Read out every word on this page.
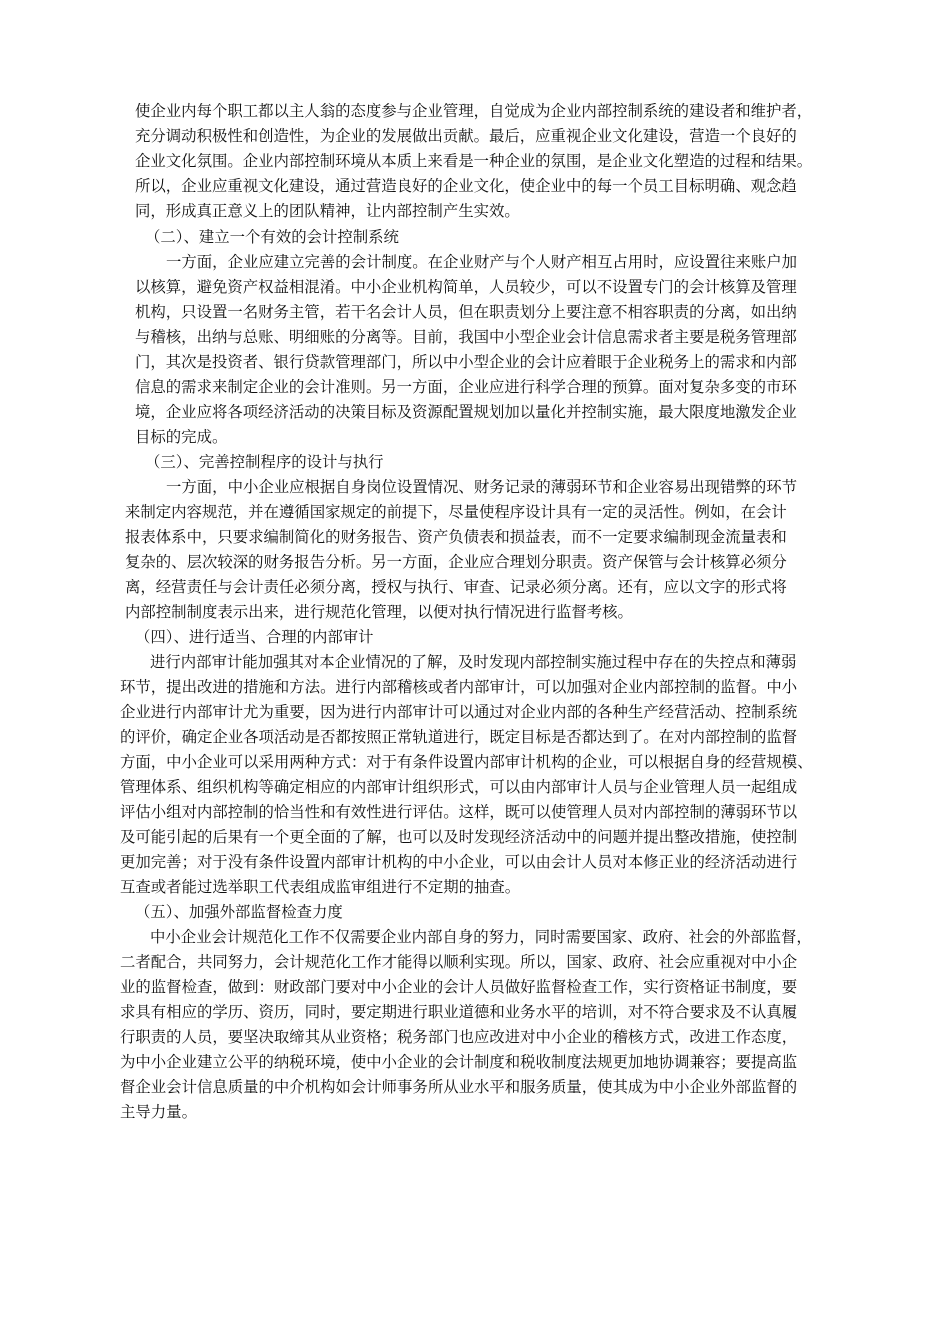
使企业内每个职工都以主人翁的态度参与企业管理，自觉成为企业内部控制系统的建设者和维护者，
充分调动积极性和创造性，为企业的发展做出贡献。最后，应重视企业文化建设，营造一个良好的
企业文化氛围。企业内部控制环境从本质上来看是一种企业的氛围，是企业文化塑造的过程和结果。
所以，企业应重视文化建设，通过营造良好的企业文化，使企业中的每一个员工目标明确、观念趋
同，形成真正意义上的团队精神，让内部控制产生实效。
（二）、建立一个有效的会计控制系统
一方面，企业应建立完善的会计制度。在企业财产与个人财产相互占用时，应设置往来账户加
以核算，避免资产权益相混淆。中小企业机构简单，人员较少，可以不设置专门的会计核算及管理
机构，只设置一名财务主管，若干名会计人员，但在职责划分上要注意不相容职责的分离，如出纳
与稽核，出纳与总账、明细账的分离等。目前，我国中小型企业会计信息需求者主要是税务管理部
门，其次是投资者、银行贷款管理部门，所以中小型企业的会计应着眼于企业税务上的需求和内部
信息的需求来制定企业的会计准则。另一方面，企业应进行科学合理的预算。面对复杂多变的市环
境，企业应将各项经济活动的决策目标及资源配置规划加以量化并控制实施，最大限度地激发企业
目标的完成。
（三）、完善控制程序的设计与执行
一方面，中小企业应根据自身岗位设置情况、财务记录的薄弱环节和企业容易出现错弊的环节
来制定内容规范，并在遵循国家规定的前提下，尽量使程序设计具有一定的灵活性。例如，在会计
报表体系中，只要求编制简化的财务报告、资产负债表和损益表，而不一定要求编制现金流量表和
复杂的、层次较深的财务报告分析。另一方面，企业应合理划分职责。资产保管与会计核算必须分
离，经营责任与会计责任必须分离，授权与执行、审查、记录必须分离。还有，应以文字的形式将
内部控制制度表示出来，进行规范化管理，以便对执行情况进行监督考核。
（四）、进行适当、合理的内部审计
进行内部审计能加强其对本企业情况的了解，及时发现内部控制实施过程中存在的失控点和薄弱
环节，提出改进的措施和方法。进行内部稽核或者内部审计，可以加强对企业内部控制的监督。中小
企业进行内部审计尤为重要，因为进行内部审计可以通过对企业内部的各种生产经营活动、控制系统
的评价，确定企业各项活动是否都按照正常轨道进行，既定目标是否都达到了。在对内部控制的监督
方面，中小企业可以采用两种方式：对于有条件设置内部审计机构的企业，可以根据自身的经营规模、
管理体系、组织机构等确定相应的内部审计组织形式，可以由内部审计人员与企业管理人员一起组成
评估小组对内部控制的恰当性和有效性进行评估。这样，既可以使管理人员对内部控制的薄弱环节以
及可能引起的后果有一个更全面的了解，也可以及时发现经济活动中的问题并提出整改措施，使控制
更加完善；对于没有条件设置内部审计机构的中小企业，可以由会计人员对本修正业的经济活动进行
互查或者能过选举职工代表组成监审组进行不定期的抽查。
（五）、加强外部监督检查力度
中小企业会计规范化工作不仅需要企业内部自身的努力，同时需要国家、政府、社会的外部监督，
二者配合，共同努力，会计规范化工作才能得以顺利实现。所以，国家、政府、社会应重视对中小企
业的监督检查，做到：财政部门要对中小企业的会计人员做好监督检查工作，实行资格证书制度，要
求具有相应的学历、资历，同时，要定期进行职业道德和业务水平的培训，对不符合要求及不认真履
行职责的人员，要坚决取缔其从业资格；税务部门也应改进对中小企业的稽核方式，改进工作态度，
为中小企业建立公平的纳税环境，使中小企业的会计制度和税收制度法规更加地协调兼容；要提高监
督企业会计信息质量的中介机构如会计师事务所从业水平和服务质量，使其成为中小企业外部监督的
主导力量。
